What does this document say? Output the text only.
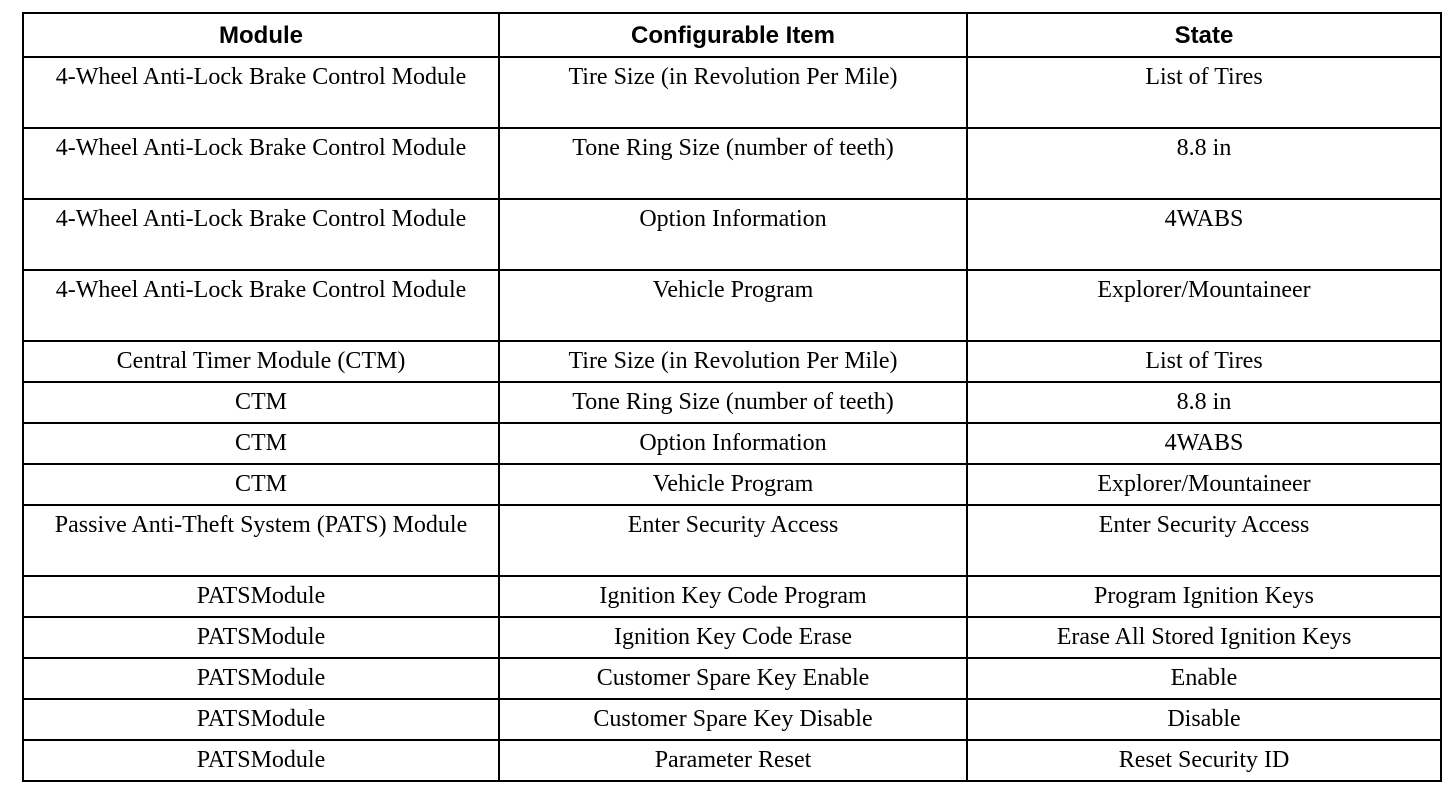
Module	Configurable Item	State
4-Wheel Anti-Lock Brake Control Module	Tire Size (in Revolution Per Mile)	List of Tires
4-Wheel Anti-Lock Brake Control Module	Tone Ring Size (number of teeth)	8.8 in
4-Wheel Anti-Lock Brake Control Module	Option Information	4WABS
4-Wheel Anti-Lock Brake Control Module	Vehicle Program	Explorer/Mountaineer
Central Timer Module (CTM)	Tire Size (in Revolution Per Mile)	List of Tires
CTM	Tone Ring Size (number of teeth)	8.8 in
CTM	Option Information	4WABS
CTM	Vehicle Program	Explorer/Mountaineer
Passive Anti-Theft System (PATS) Module	Enter Security Access	Enter Security Access
PATSModule	Ignition Key Code Program	Program Ignition Keys
PATSModule	Ignition Key Code Erase	Erase All Stored Ignition Keys
PATSModule	Customer Spare Key Enable	Enable
PATSModule	Customer Spare Key Disable	Disable
PATSModule	Parameter Reset	Reset Security ID
